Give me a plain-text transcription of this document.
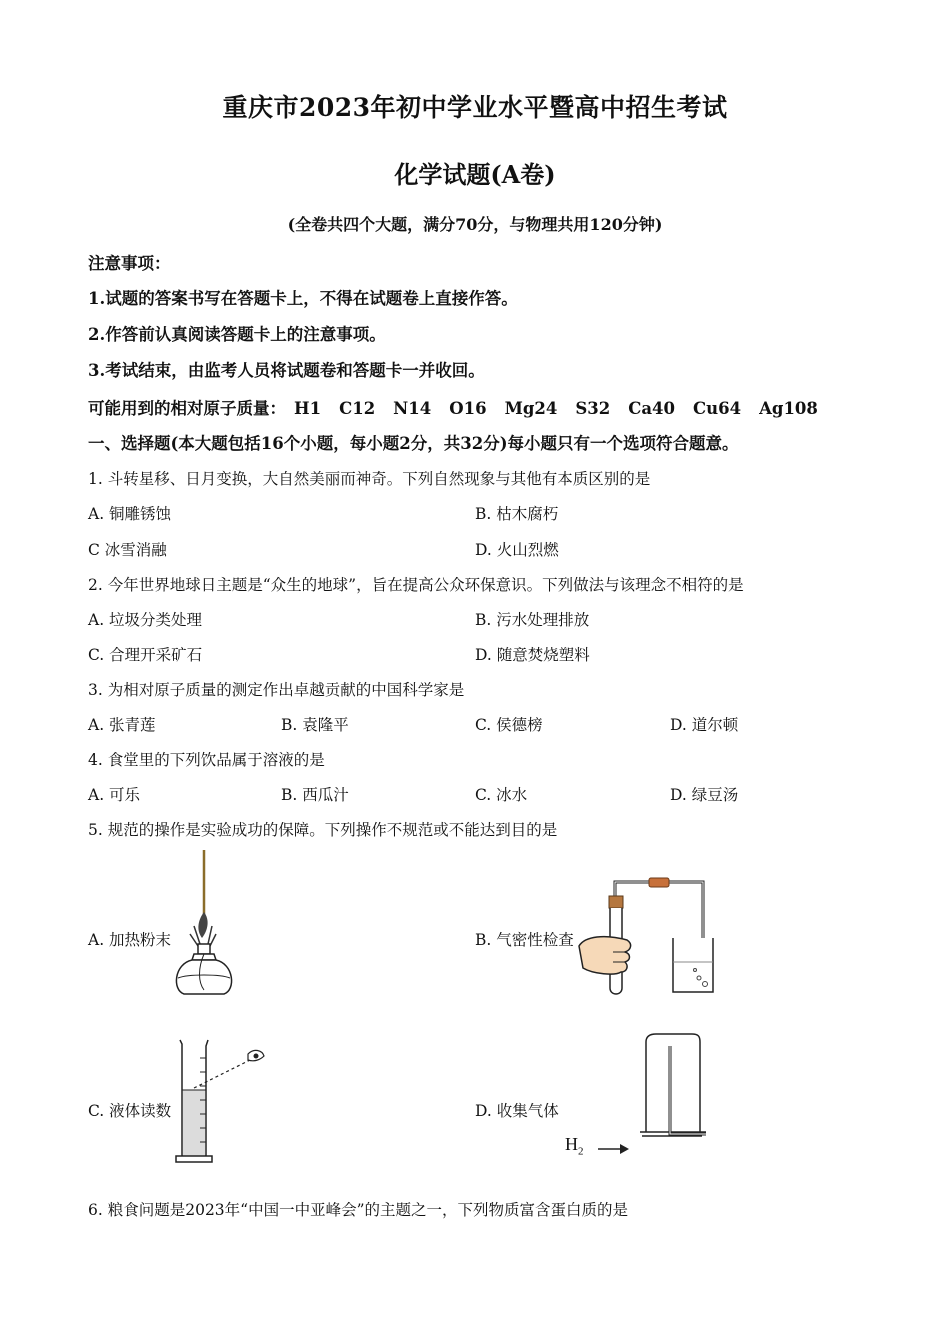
重庆市2023年初中学业水平暨高中招生考试
化学试题(A卷)
(全卷共四个大题，满分70分，与物理共用120分钟)
注意事项：
1.试题的答案书写在答题卡上，不得在试题卷上直接作答。
2.作答前认真阅读答题卡上的注意事项。
3.考试结束，由监考人员将试题卷和答题卡一并收回。
可能用到的相对原子质量： H1 C12 N14 O16 Mg24 S32 Ca40 Cu64 Ag108
一、选择题(本大题包括16个小题，每小题2分，共32分)每小题只有一个选项符合题意。
1. 斗转星移、日月变换，大自然美丽而神奇。下列自然现象与其他有本质区别的是
A. 铜雕锈蚀	B. 枯木腐朽
C 冰雪消融	D. 火山烈燃
2. 今年世界地球日主题是“众生的地球”，旨在提高公众环保意识。下列做法与该理念不相符的是
A. 垃圾分类处理	B. 污水处理排放
C. 合理开采矿石	D. 随意焚烧塑料
3. 为相对原子质量的测定作出卓越贡献的中国科学家是
A. 张青莲	B. 袁隆平	C. 侯德榜	D. 道尔顿
4. 食堂里的下列饮品属于溶液的是
A. 可乐	B. 西瓜汁	C. 冰水	D. 绿豆汤
5. 规范的操作是实验成功的保障。下列操作不规范或不能达到目的是
A. 加热粉末	B. 气密性检查
C. 液体读数	D. 收集气体
$H_2$
6. 粮食问题是2023年“中国一中亚峰会”的主题之一，下列物质富含蛋白质的是
